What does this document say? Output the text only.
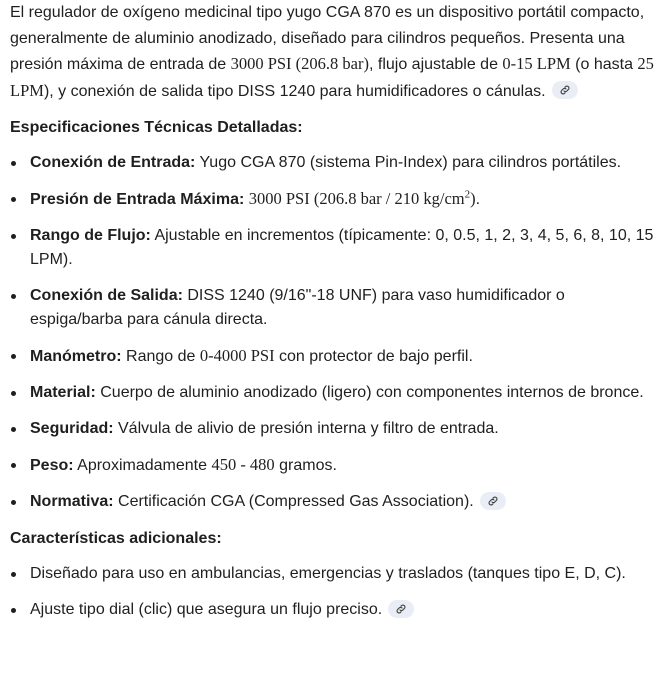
El regulador de oxígeno medicinal tipo yugo CGA 870 es un dispositivo portátil compacto, generalmente de aluminio anodizado, diseñado para cilindros pequeños. Presenta una presión máxima de entrada de 3000 PSI (206.8 bar), flujo ajustable de 0-15 LPM (o hasta 25 LPM), y conexión de salida tipo DISS 1240 para humidificadores o cánulas.

Especificaciones Técnicas Detalladas:
Conexión de Entrada: Yugo CGA 870 (sistema Pin-Index) para cilindros portátiles.
Presión de Entrada Máxima: 3000 PSI (206.8 bar / 210 $kg/cm^2$).
Rango de Flujo: Ajustable en incrementos (típicamente: 0, 0.5, 1, 2, 3, 4, 5, 6, 8, 10, 15 LPM).
Conexión de Salida: DISS 1240 (9/16"-18 UNF) para vaso humidificador o espiga/barba para cánula directa.
Manómetro: Rango de 0-4000 PSI con protector de bajo perfil.
Material: Cuerpo de aluminio anodizado (ligero) con componentes internos de bronce.
Seguridad: Válvula de alivio de presión interna y filtro de entrada.
Peso: Aproximadamente 450 - 480 gramos.
Normativa: Certificación CGA (Compressed Gas Association).
Características adicionales:
Diseñado para uso en ambulancias, emergencias y traslados (tanques tipo E, D, C).
Ajuste tipo dial (clic) que asegura un flujo preciso.
